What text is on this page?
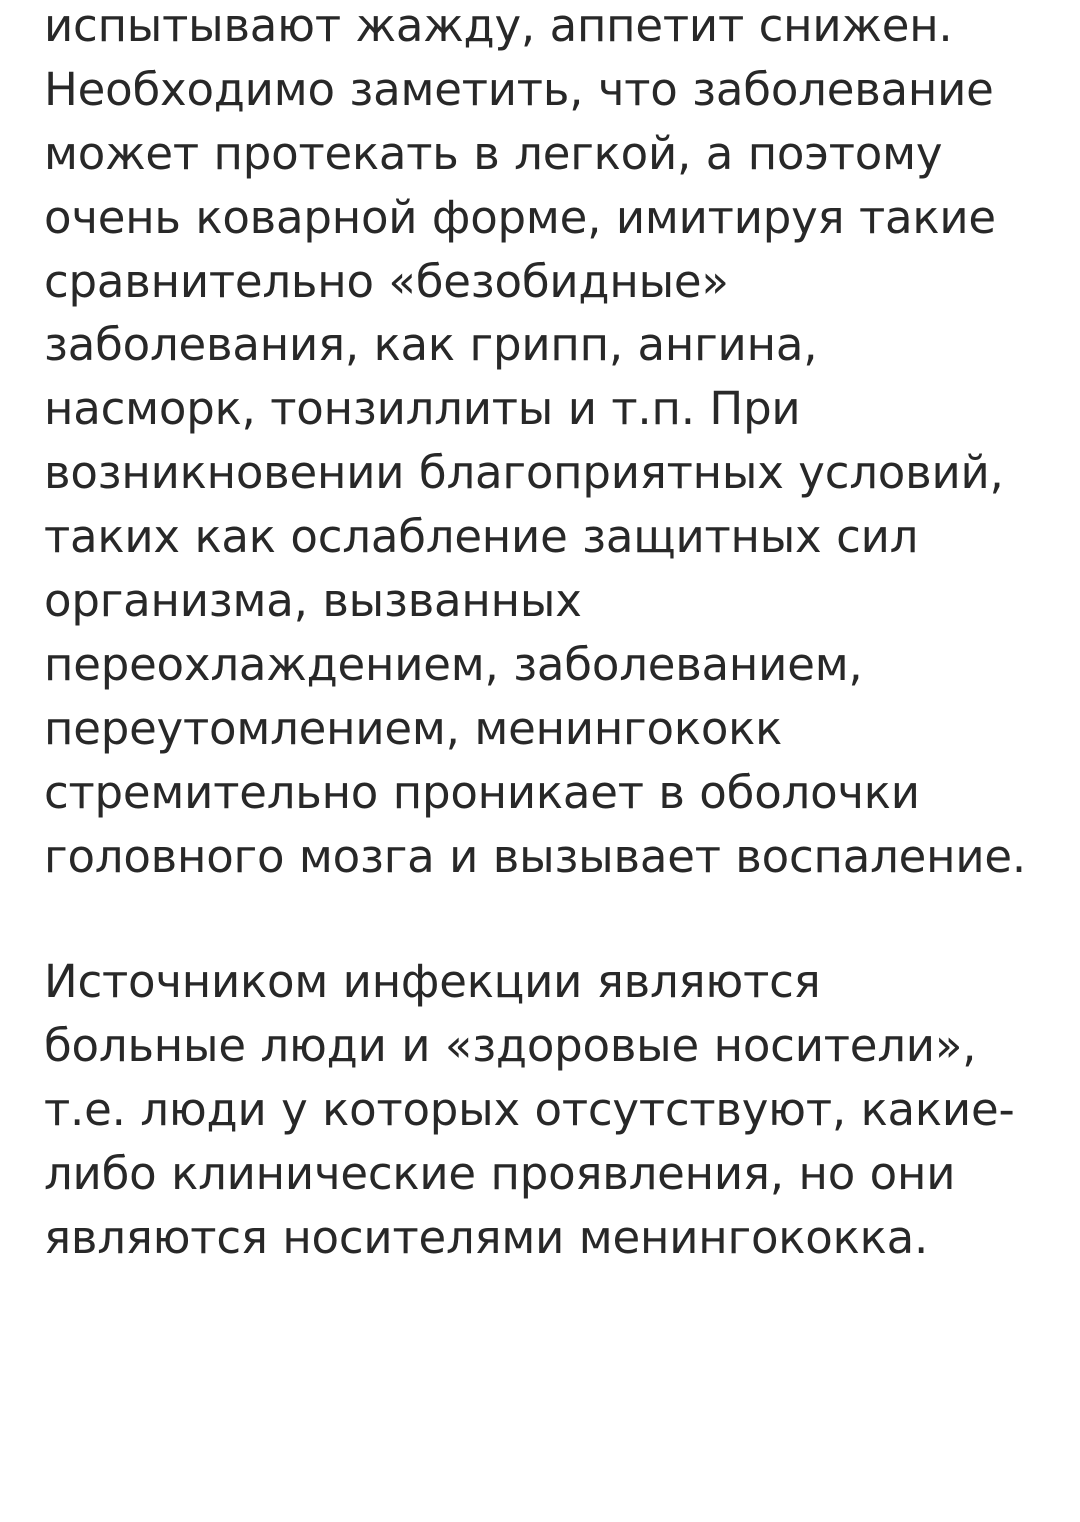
испытывают жажду, аппетит снижен. Необходимо заметить, что заболевание может протекать в легкой, а поэтому очень коварной форме, имитируя такие сравнительно «безобидные» заболевания, как грипп, ангина, насморк, тонзиллиты и т.п. При возникновении благоприятных условий, таких как ослабление защитных сил организма, вызванных переохлаждением, заболеванием, переутомлением, менингококк стремительно проникает в оболочки головного мозга и вызывает воспаление.

Источником инфекции являются больные люди и «здоровые носители», т.е. люди у которых отсутствуют, какие-либо клинические проявления, но они являются носителями менингококка.
